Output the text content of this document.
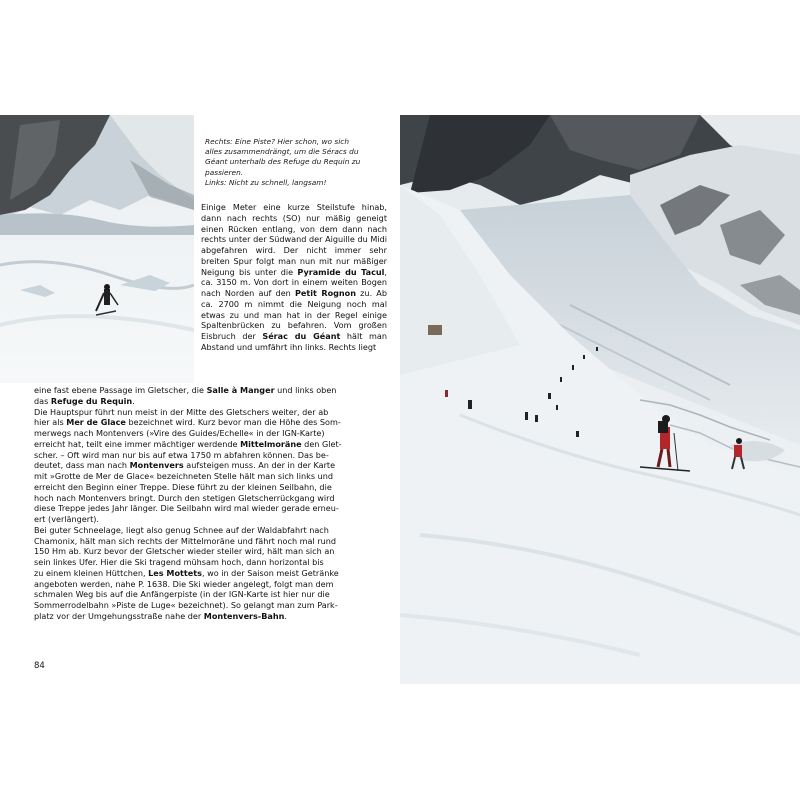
Rechts: Eine Piste? Hier schon, wo sich

alles zusammendrängt, um die Séracs du

Géant unterhalb des Refuge du Requin zu

passieren.

Links: Nicht zu schnell, langsam!

Einige Meter eine kurze Steilstufe hinab, dann nach rechts (SO) nur mäßig geneigt einen Rücken entlang, von dem dann nach rechts unter der Südwand der Aiguille du Midi abgefahren wird. Der nicht immer sehr breiten Spur folgt man nun mit nur mäßiger Neigung bis unter die Pyramide du Tacul, ca. 3150 m. Von dort in einem weiten Bogen nach Norden auf den Petit Rognon zu. Ab ca. 2700 m nimmt die Neigung noch mal etwas zu und man hat in der Regel einige Spaltenbrücken zu befahren. Vom großen Eisbruch der Sérac du Géant hält man Abstand und umfährt ihn links. Rechts liegt

eine fast ebene Passage im Gletscher, die Salle à Manger und links oben
das Refuge du Requin.
Die Hauptspur führt nun meist in der Mitte des Gletschers weiter, der ab
hier als Mer de Glace bezeichnet wird. Kurz bevor man die Höhe des Som-
merwegs nach Montenvers (»Vire des Guides/Echelle« in der IGN-Karte)
erreicht hat, teilt eine immer mächtiger werdende Mittelmoräne den Glet-
scher. – Oft wird man nur bis auf etwa 1750 m abfahren können. Das be-
deutet, dass man nach Montenvers aufsteigen muss. An der in der Karte
mit »Grotte de Mer de Glace« bezeichneten Stelle hält man sich links und
erreicht den Beginn einer Treppe. Diese führt zu der kleinen Seilbahn, die
hoch nach Montenvers bringt. Durch den stetigen Gletscherrückgang wird
diese Treppe jedes Jahr länger. Die Seilbahn wird mal wieder gerade erneu-
ert (verlängert).
Bei guter Schneelage, liegt also genug Schnee auf der Waldabfahrt nach
Chamonix, hält man sich rechts der Mittelmoräne und fährt noch mal rund
150 Hm ab. Kurz bevor der Gletscher wieder steiler wird, hält man sich an
sein linkes Ufer. Hier die Ski tragend mühsam hoch, dann horizontal bis
zu einem kleinen Hüttchen, Les Mottets, wo in der Saison meist Getränke
angeboten werden, nahe P. 1638. Die Ski wieder angelegt, folgt man dem
schmalen Weg bis auf die Anfängerpiste (in der IGN-Karte ist hier nur die
Sommerrodelbahn »Piste de Luge« bezeichnet). So gelangt man zum Park-
platz vor der Umgehungsstraße nahe der Montenvers-Bahn.
84
